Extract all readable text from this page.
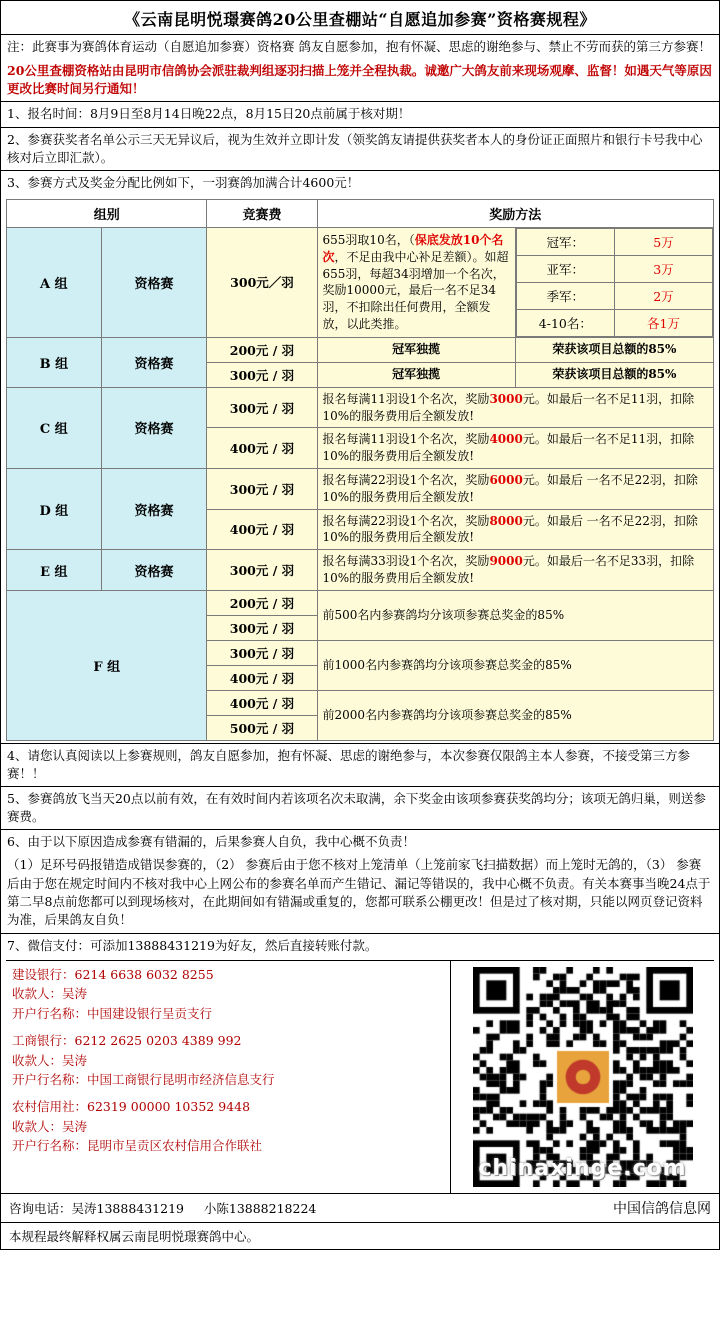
《云南昆明悦璟赛鸽20公里查棚站“自愿追加参赛”资格赛规程》
注：此赛事为赛鸽体育运动（自愿追加参赛）资格赛 鸽友自愿参加，抱有怀凝、思虑的谢绝参与、禁止不劳而获的第三方参赛！
20公里查棚资格站由昆明市信鸽协会派驻裁判组逐羽扫描上笼并全程执裁。诚邀广大鸽友前来现场观摩、监督！如遇天气等原因更改比赛时间另行通知！
1、报名时间：8月9日至8月14日晚22点，8月15日20点前属于核对期！
2、参赛获奖者名单公示三天无异议后，视为生效并立即计发（领奖鸽友请提供获奖者本人的身份证正面照片和银行卡号我中心核对后立即汇款）。
3、参赛方式及奖金分配比例如下，一羽赛鸽加满合计4600元！
组别	竞赛费	奖励方法
A 组	资格赛	300元／羽	655羽取10名，（保底发放10个名次，不足由我中心补足差额）。如超655羽，每超34羽增加一个名次，奖励10000元，最后一名不足34羽，不扣除出任何费用，全额发放，以此类推。	
冠军：	5万
亚军：	3万
季军：	2万
4-10名：	各1万

B 组	资格赛	200元 / 羽	冠军独揽	荣获该项目总额的85%
300元 / 羽	冠军独揽	荣获该项目总额的85%
C 组	资格赛	300元 / 羽	报名每满11羽设1个名次，奖励3000元。如最后一名不足11羽，扣除10%的服务费用后全额发放!
400元 / 羽	报名每满11羽设1个名次，奖励4000元。如最后一名不足11羽，扣除10%的服务费用后全额发放!
D 组	资格赛	300元 / 羽	报名每满22羽设1个名次，奖励6000元。如最后 一名不足22羽，扣除10%的服务费用后全额发放!
400元 / 羽	报名每满22羽设1个名次，奖励8000元。如最后 一名不足22羽，扣除10%的服务费用后全额发放!
E 组	资格赛	300元 / 羽	报名每满33羽设1个名次，奖励9000元。如最后一名不足33羽，扣除10%的服务费用后全额发放!
F 组	200元 / 羽	前500名内参赛鸽均分该项参赛总奖金的85%
300元 / 羽
300元 / 羽	前1000名内参赛鸽均分该项参赛总奖金的85%
400元 / 羽
400元 / 羽	前2000名内参赛鸽均分该项参赛总奖金的85%
500元 / 羽
4、请您认真阅读以上参赛规则，鸽友自愿参加，抱有怀凝、思虑的谢绝参与，本次参赛仅限鸽主本人参赛，不接受第三方参赛！！
5、参赛鸽放飞当天20点以前有效，在有效时间内若该项名次未取满，余下奖金由该项参赛获奖鸽均分；该项无鸽归巢，则送参赛费。
6、由于以下原因造成参赛有错漏的，后果参赛人自负，我中心概不负责！
（1）足环号码报错造成错误参赛的，（2） 参赛后由于您不核对上笼清单（上笼前家飞扫描数据）而上笼时无鸽的，（3） 参赛后由于您在规定时间内不核对我中心上网公布的参赛名单而产生错记、漏记等错误的，我中心概不负责。有关本赛事当晚24点于第二早8点前您都可以到现场核对，在此期间如有错漏或重复的，您都可联系公棚更改！但是过了核对期，只能以网页登记资料为准，后果鸽友自负！
7、微信支付：可添加13888431219为好友，然后直接转账付款。
建设银行：6214 6638 6032 8255
收款人：吴涛
开户行名称：中国建设银行呈贡支行
工商银行：6212 2625 0203 4389 992
收款人：吴涛
开户行名称：中国工商银行昆明市经济信息支行
农村信用社：62319 00000 10352 9448
收款人：吴涛
开户行名称：昆明市呈贡区农村信用合作联社
chinaxinge.com
咨询电话：吴涛13888431219 小陈13888218224	中国信鸽信息网
本规程最终解释权属云南昆明悦璟赛鸽中心。
